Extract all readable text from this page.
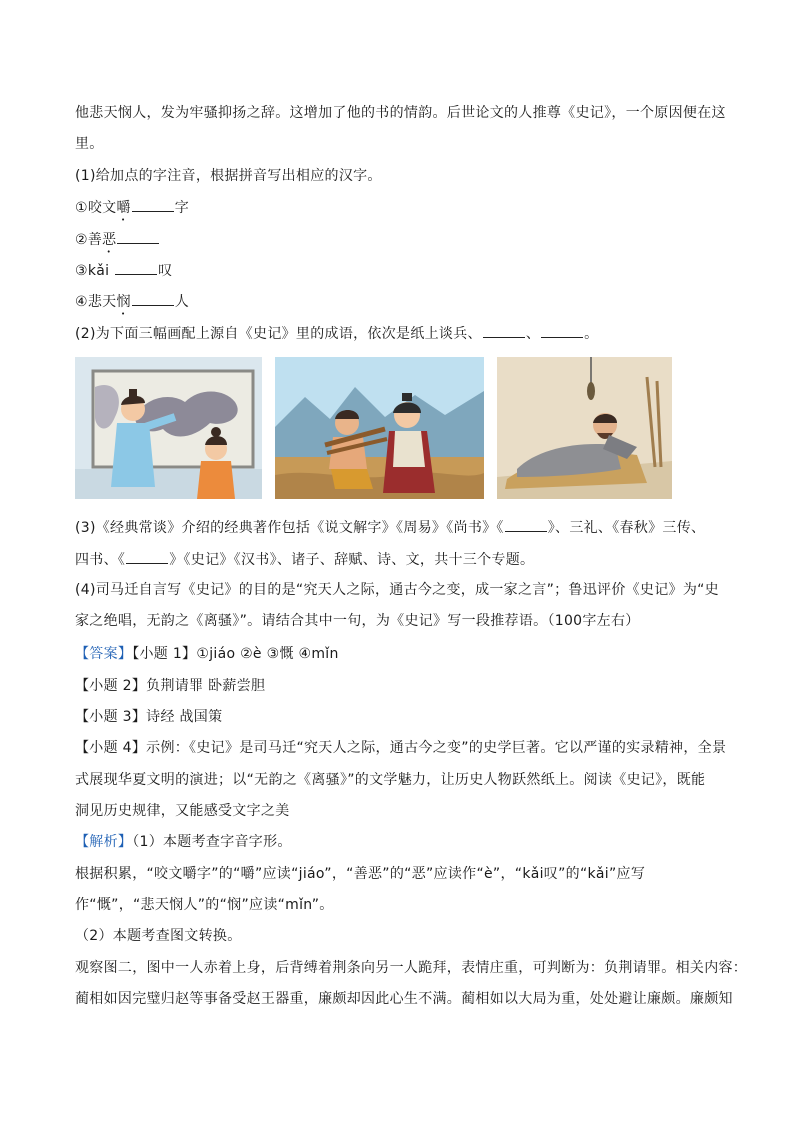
他悲天悯人，发为牢骚抑扬之辞。这增加了他的书的情韵。后世论文的人推尊《史记》，一个原因便在这
里。
(1)给加点的字注音，根据拼音写出相应的汉字。
①咬文嚼	字
②善恶
③kǎi	叹
④悲天悯	人
(2)为下面三幅画配上源自《史记》里的成语，依次是纸上谈兵、	、	。
(3)《经典常谈》介绍的经典著作包括《说文解字》《周易》《尚书》《	》、三礼、《春秋》三传、
四书、《	》《史记》《汉书》、诸子、辞赋、诗、文，共十三个专题。
(4)司马迁自言写《史记》的目的是“究天人之际，通古今之变，成一家之言”；鲁迅评价《史记》为“史
家之绝唱，无韵之《离骚》”。请结合其中一句，为《史记》写一段推荐语。（100字左右）
【答案】【小题 1】①jiáo ②è ③慨 ④mǐn
【小题 2】负荆请罪 卧薪尝胆
【小题 3】诗经 战国策
【小题 4】示例：《史记》是司马迁“究天人之际，通古今之变”的史学巨著。它以严谨的实录精神，全景
式展现华夏文明的演进；以“无韵之《离骚》”的文学魅力，让历史人物跃然纸上。阅读《史记》，既能
洞见历史规律，又能感受文字之美
【解析】（1）本题考查字音字形。
根据积累，“咬文嚼字”的“嚼”应读“jiáo”，“善恶”的“恶”应读作“è”，“kǎi叹”的“kǎi”应写
作“慨”，“悲天悯人”的“悯”应读“mǐn”。
（2）本题考查图文转换。
观察图二，图中一人赤着上身，后背缚着荆条向另一人跪拜，表情庄重，可判断为：负荆请罪。相关内容：
蔺相如因完璧归赵等事备受赵王器重，廉颇却因此心生不满。蔺相如以大局为重，处处避让廉颇。廉颇知
